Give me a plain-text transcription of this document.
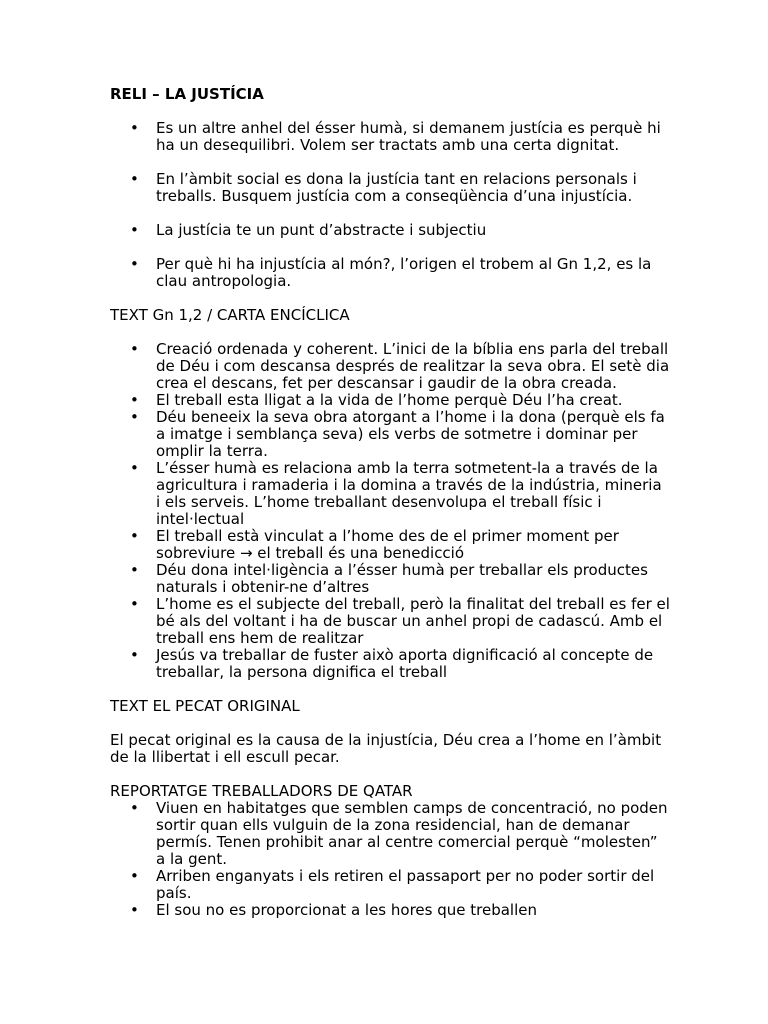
RELI – LA JUSTÍCIA

• Es un altre anhel del ésser humà, si demanem justícia es perquè hi ha un desequilibri. Volem ser tractats amb una certa dignitat.
• En l’àmbit social es dona la justícia tant en relacions personals i treballs. Busquem justícia com a conseqüència d’una injustícia.
• La justícia te un punt d’abstracte i subjectiu
• Per què hi ha injustícia al món?, l’origen el trobem al Gn 1,2, es la clau antropologia.

TEXT Gn 1,2 / CARTA ENCÍCLICA

• Creació ordenada y coherent. L’inici de la bíblia ens parla del treball de Déu i com descansa després de realitzar la seva obra. El setè dia crea el descans, fet per descansar i gaudir de la obra creada.
• El treball esta lligat a la vida de l’home perquè Déu l’ha creat.
• Déu beneeix la seva obra atorgant a l’home i la dona (perquè els fa a imatge i semblança seva) els verbs de sotmetre i dominar per omplir la terra.
• L’ésser humà es relaciona amb la terra sotmetent-la a través de la agricultura i ramaderia i la domina a través de la indústria, mineria i els serveis. L’home treballant desenvolupa el treball físic i intel·lectual
• El treball està vinculat a l’home des de el primer moment per sobreviure → el treball és una benedicció
• Déu dona intel·ligència a l’ésser humà per treballar els productes naturals i obtenir-ne d’altres
• L’home es el subjecte del treball, però la finalitat del treball es fer el bé als del voltant i ha de buscar un anhel propi de cadascú. Amb el treball ens hem de realitzar
• Jesús va treballar de fuster això aporta dignificació al concepte de treballar, la persona dignifica el treball

TEXT EL PECAT ORIGINAL

El pecat original es la causa de la injustícia, Déu crea a l’home en l’àmbit de la llibertat i ell escull pecar.

REPORTATGE TREBALLADORS DE QATAR

• Viuen en habitatges que semblen camps de concentració, no poden sortir quan ells vulguin de la zona residencial, han de demanar permís. Tenen prohibit anar al centre comercial perquè “molesten” a la gent.
• Arriben enganyats i els retiren el passaport per no poder sortir del país.
• El sou no es proporcionat a les hores que treballen
